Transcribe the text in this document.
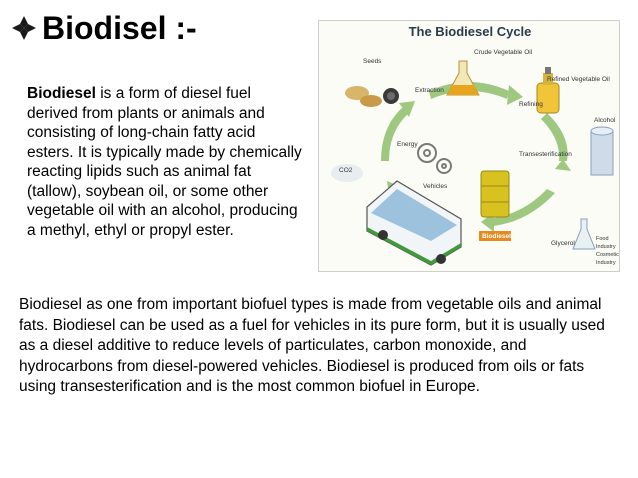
Biodisel :-
Biodiesel is a form of diesel fuel derived from plants or animals and consisting of long-chain fatty acid esters. It is typically made by chemically reacting lipids such as animal fat (tallow), soybean oil, or some other vegetable oil with an alcohol, producing a methyl, ethyl or propyl ester.
The Biodiesel Cycle
Seeds
Crude Vegetable Oil
Refined Vegetable Oil
Extraction
Refining
Alcohol
Energy
Transesterification
CO2
Vehicles
Biodiesel
Glycerol
Food
Industry
Cosmetic
Industry
Biodiesel as one from important biofuel types is made from vegetable oils and animal fats. Biodiesel can be used as a fuel for vehicles in its pure form, but it is usually used as a diesel additive to reduce levels of particulates, carbon monoxide, and hydrocarbons from diesel-powered vehicles. Biodiesel is produced from oils or fats using transesterification and is the most common biofuel in Europe.
